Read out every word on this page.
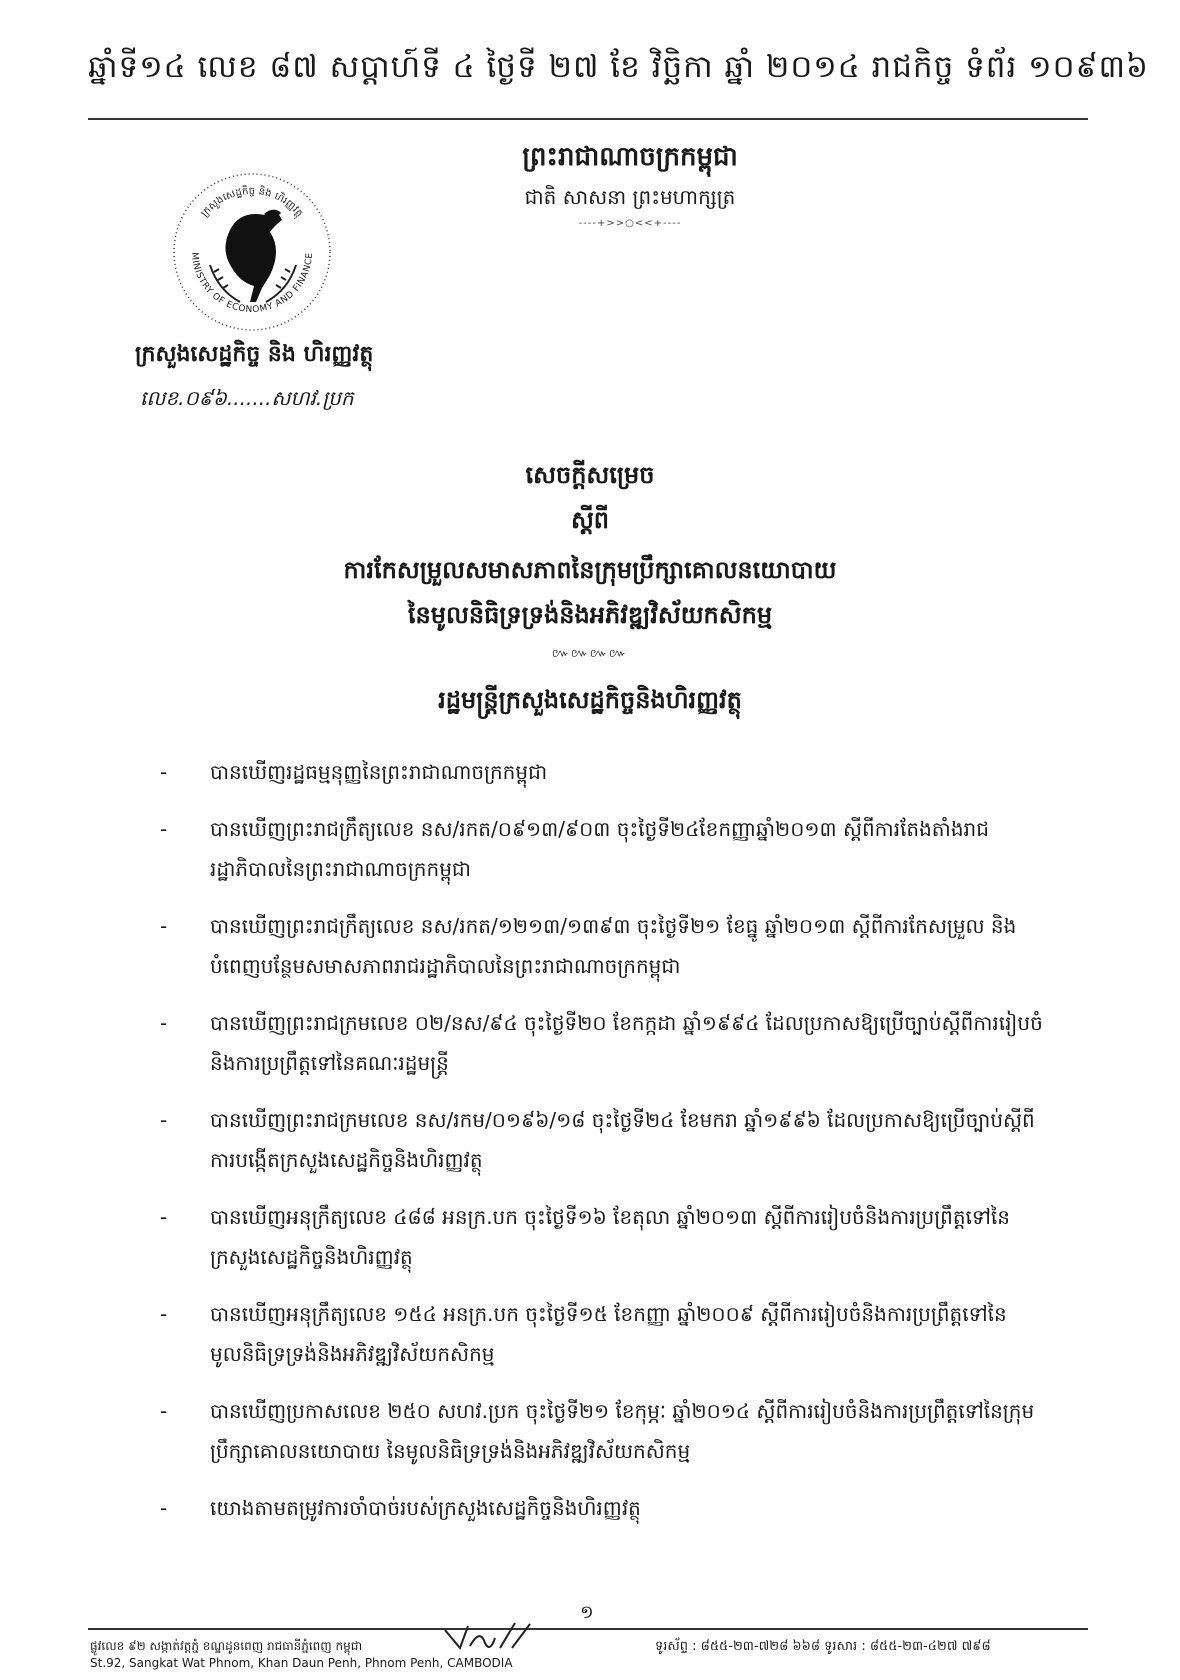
ឆ្នាំទី១៤ លេខ ៨៧ សប្តាហ៍ទី ៤ ថ្ងៃទី ២៧ ខែ វិច្ឆិកា ឆ្នាំ ២០១៤ រាជកិច្ច ទំព័រ ១០៩៣៦
ព្រះរាជាណាចក្រកម្ពុជា
ជាតិ សាសនា ព្រះមហាក្សត្រ
----+>>○<<+----
MINISTRY OF ECONOMY AND FINANCE
ក្រសួងសេដ្ឋកិច្ច និង ហិរញ្ញវត្ថុ
ក្រសួងសេដ្ឋកិច្ច និង ហិរញ្ញវត្ថុ
លេខ.០៩៦.......សហវ.ប្រក
សេចក្តីសម្រេច
ស្តីពី
ការកែសម្រួលសមាសភាពនៃក្រុមប្រឹក្សាគោលនយោបាយ
នៃមូលនិធិទ្រទ្រង់និងអភិវឌ្ឍវិស័យកសិកម្ម
៚៚៚៚
រដ្ឋមន្ត្រីក្រសួងសេដ្ឋកិច្ចនិងហិរញ្ញវត្ថុ
- បានឃើញរដ្ឋធម្មនុញ្ញនៃព្រះរាជាណាចក្រកម្ពុជា
- បានឃើញព្រះរាជក្រឹត្យលេខ នស/រកត/០៩១៣/៩០៣ ចុះថ្ងៃទី២៤ខែកញ្ញាឆ្នាំ២០១៣ ស្តីពីការតែងតាំងរាជរដ្ឋាភិបាលនៃព្រះរាជាណាចក្រកម្ពុជា
- បានឃើញព្រះរាជក្រឹត្យលេខ នស/រកត/១២១៣/១៣៩៣ ចុះថ្ងៃទី២១ ខែធ្នូ ឆ្នាំ២០១៣ ស្តីពីការកែសម្រួល និងបំពេញបន្ថែមសមាសភាពរាជរដ្ឋាភិបាលនៃព្រះរាជាណាចក្រកម្ពុជា
- បានឃើញព្រះរាជក្រមលេខ ០២/នស/៩៤ ចុះថ្ងៃទី២០ ខែកក្កដា ឆ្នាំ១៩៩៤ ដែលប្រកាសឱ្យប្រើច្បាប់ស្តីពីការរៀបចំនិងការប្រព្រឹត្តទៅនៃគណៈរដ្ឋមន្ត្រី
- បានឃើញព្រះរាជក្រមលេខ នស/រកម/០១៩៦/១៨ ចុះថ្ងៃទី២៤ ខែមករា ឆ្នាំ១៩៩៦ ដែលប្រកាសឱ្យប្រើច្បាប់ស្តីពីការបង្កើតក្រសួងសេដ្ឋកិច្ចនិងហិរញ្ញវត្ថុ
- បានឃើញអនុក្រឹត្យលេខ ៤៨៨ អនក្រ.បក ចុះថ្ងៃទី១៦ ខែតុលា ឆ្នាំ២០១៣ ស្តីពីការរៀបចំនិងការប្រព្រឹត្តទៅនៃក្រសួងសេដ្ឋកិច្ចនិងហិរញ្ញវត្ថុ
- បានឃើញអនុក្រឹត្យលេខ ១៥៤ អនក្រ.បក ចុះថ្ងៃទី១៥ ខែកញ្ញា ឆ្នាំ២០០៩ ស្តីពីការរៀបចំនិងការប្រព្រឹត្តទៅនៃមូលនិធិទ្រទ្រង់និងអភិវឌ្ឍវិស័យកសិកម្ម
- បានឃើញប្រកាសលេខ ២៥០ សហវ.ប្រក ចុះថ្ងៃទី២១ ខែកុម្ភៈ ឆ្នាំ២០១៤ ស្តីពីការរៀបចំនិងការប្រព្រឹត្តទៅនៃក្រុមប្រឹក្សាគោលនយោបាយ នៃមូលនិធិទ្រទ្រង់និងអភិវឌ្ឍវិស័យកសិកម្ម
- យោងតាមតម្រូវការចាំបាច់របស់ក្រសួងសេដ្ឋកិច្ចនិងហិរញ្ញវត្ថុ
១
ផ្លូវលេខ ៩២ សង្កាត់វត្តភ្នំ ខណ្ឌដូនពេញ រាជធានីភ្នំពេញ កម្ពុជា
St.92, Sangkat Wat Phnom, Khan Daun Penh, Phnom Penh, CAMBODIA
ទូរស័ព្ទ : ៨៥៥-២៣-៧២៨ ៦៦៨ ទូរសារ : ៨៥៥-២៣-៤២៧ ៧៩៨
